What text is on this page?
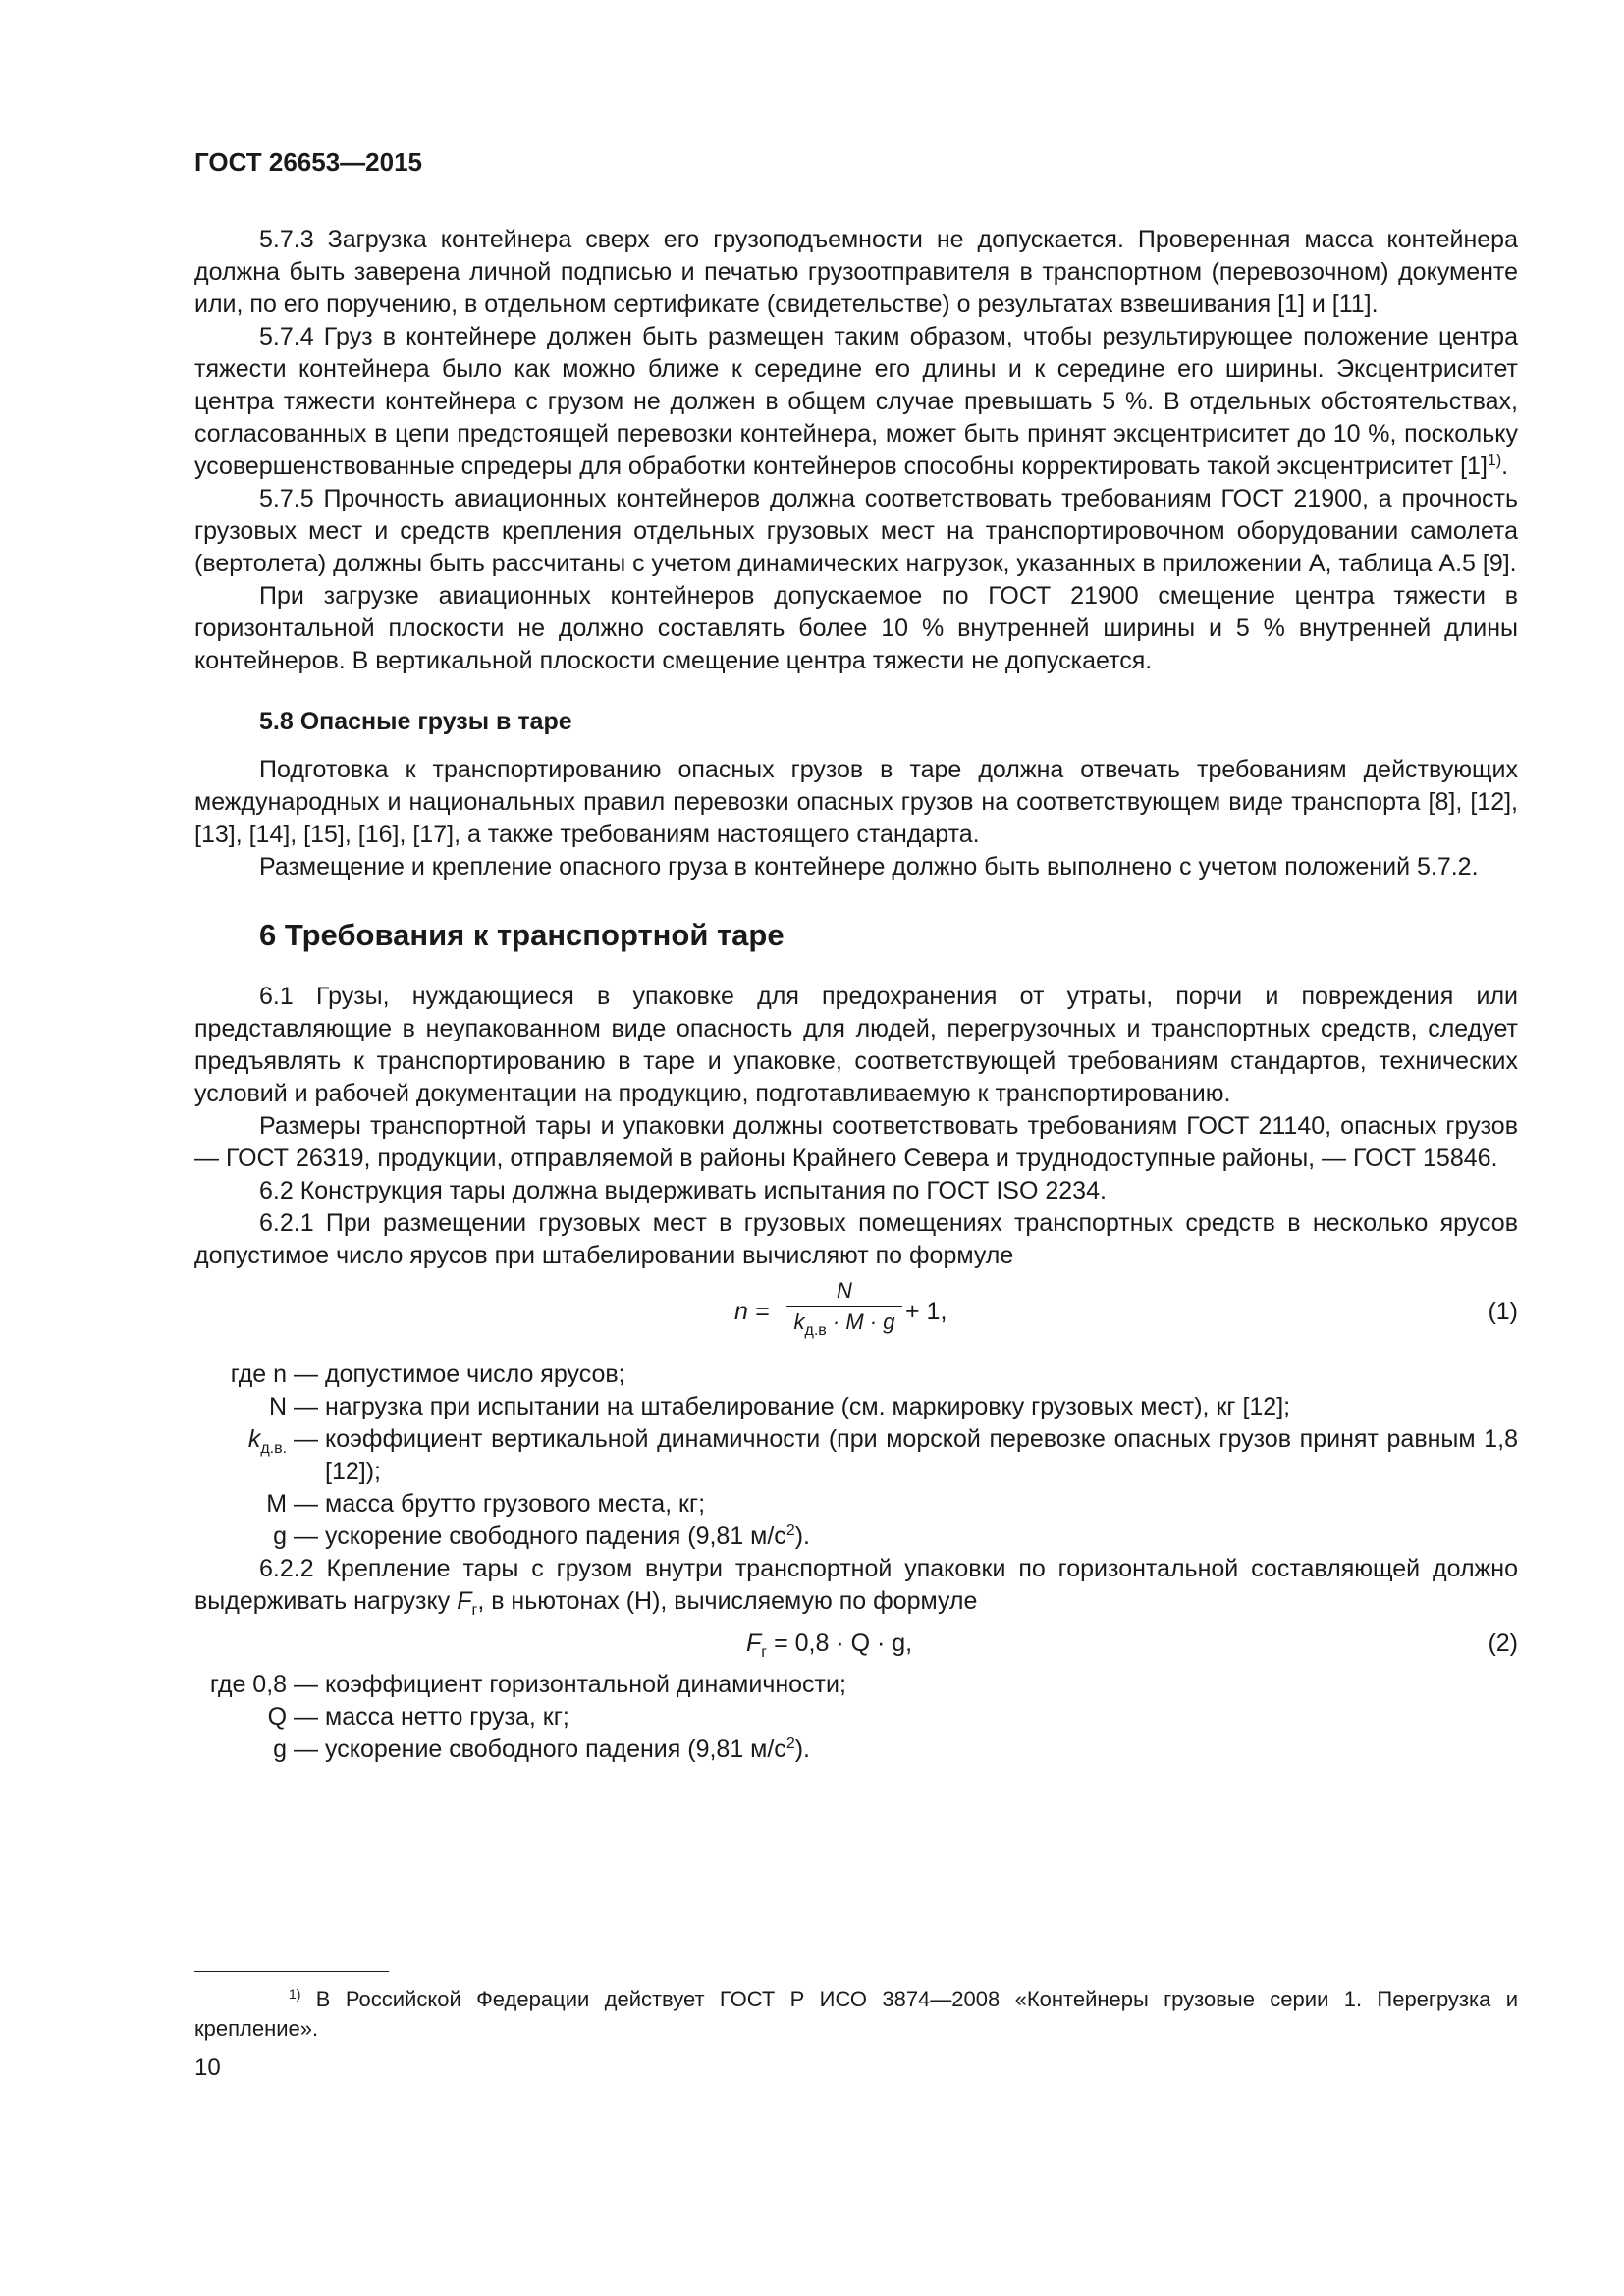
ГОСТ 26653—2015

5.7.3 Загрузка контейнера сверх его грузоподъемности не допускается. Проверенная масса контейнера должна быть заверена личной подписью и печатью грузоотправителя в транспортном (перевозочном) документе или, по его поручению, в отдельном сертификате (свидетельстве) о результатах взвешивания [1] и [11].

5.7.4 Груз в контейнере должен быть размещен таким образом, чтобы результирующее положение центра тяжести контейнера было как можно ближе к середине его длины и к середине его ширины. Эксцентриситет центра тяжести контейнера с грузом не должен в общем случае превышать 5 %. В отдельных обстоятельствах, согласованных в цепи предстоящей перевозки контейнера, может быть принят эксцентриситет до 10 %, поскольку усовершенствованные спредеры для обработки контейнеров способны корректировать такой эксцентриситет $[1]^{1)}$.

5.7.5 Прочность авиационных контейнеров должна соответствовать требованиям ГОСТ 21900, а прочность грузовых мест и средств крепления отдельных грузовых мест на транспортировочном оборудовании самолета (вертолета) должны быть рассчитаны с учетом динамических нагрузок, указанных в приложении А, таблица А.5 [9].

При загрузке авиационных контейнеров допускаемое по ГОСТ 21900 смещение центра тяжести в горизонтальной плоскости не должно составлять более 10 % внутренней ширины и 5 % внутренней длины контейнеров. В вертикальной плоскости смещение центра тяжести не допускается.

5.8 Опасные грузы в таре

Подготовка к транспортированию опасных грузов в таре должна отвечать требованиям действующих международных и национальных правил перевозки опасных грузов на соответствующем виде транспорта [8], [12], [13], [14], [15], [16], [17], а также требованиям настоящего стандарта.

Размещение и крепление опасного груза в контейнере должно быть выполнено с учетом положений 5.7.2.

6 Требования к транспортной таре

6.1 Грузы, нуждающиеся в упаковке для предохранения от утраты, порчи и повреждения или представляющие в неупакованном виде опасность для людей, перегрузочных и транспортных средств, следует предъявлять к транспортированию в таре и упаковке, соответствующей требованиям стандартов, технических условий и рабочей документации на продукцию, подготавливаемую к транспортированию.

Размеры транспортной тары и упаковки должны соответствовать требованиям ГОСТ 21140, опасных грузов — ГОСТ 26319, продукции, отправляемой в районы Крайнего Севера и труднодоступные районы, — ГОСТ 15846.

6.2 Конструкция тары должна выдерживать испытания по ГОСТ ISO 2234.

6.2.1 При размещении грузовых мест в грузовых помещениях транспортных средств в несколько ярусов допустимое число ярусов при штабелировании вычисляют по формуле

n =
N
$k_{д.в} \cdot M \cdot g + 1$,	(1)
где n — допустимое число ярусов;
N — нагрузка при испытании на штабелирование (см. маркировку грузовых мест), кг [12];
$k_{д.в.}$ — коэффициент вертикальной динамичности (при морской перевозке опасных грузов принят равным 1,8 [12]);
M — масса брутто грузового места, кг;
g — ускорение свободного падения (9,81 $м/с^2$).

6.2.2 Крепление тары с грузом внутри транспортной упаковки по горизонтальной составляющей должно выдерживать нагрузку $F_г$, в ньютонах (Н), вычисляемую по формуле

$F_г = 0,8 \cdot Q \cdot g$,	(2)
где 0,8 — коэффициент горизонтальной динамичности;
Q — масса нетто груза, кг;
g — ускорение свободного падения (9,81 $м/с^2$).
$^{1)}$ В Российской Федерации действует ГОСТ Р ИСО 3874—2008 «Контейнеры грузовые серии 1. Перегрузка и крепление».
10
